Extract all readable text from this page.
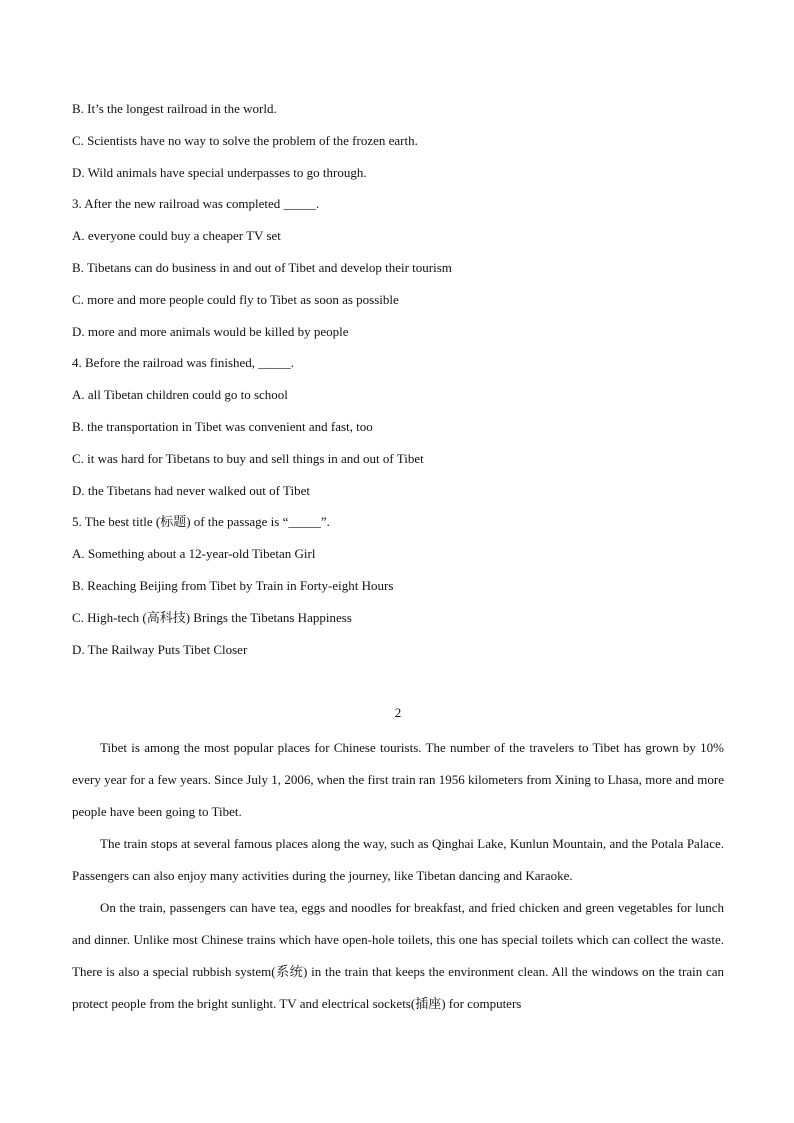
B. It’s the longest railroad in the world.
C. Scientists have no way to solve the problem of the frozen earth.
D. Wild animals have special underpasses to go through.
3. After the new railroad was completed _____.
A. everyone could buy a cheaper TV set
B. Tibetans can do business in and out of Tibet and develop their tourism
C. more and more people could fly to Tibet as soon as possible
D. more and more animals would be killed by people
4. Before the railroad was finished, _____.
A. all Tibetan children could go to school
B. the transportation in Tibet was convenient and fast, too
C. it was hard for Tibetans to buy and sell things in and out of Tibet
D. the Tibetans had never walked out of Tibet
5. The best title (标题) of the passage is “_____”.
A. Something about a 12-year-old Tibetan Girl
B. Reaching Beijing from Tibet by Train in Forty-eight Hours
C. High-tech (高科技) Brings the Tibetans Happiness
D. The Railway Puts Tibet Closer
2

Tibet is among the most popular places for Chinese tourists. The number of the travelers to Tibet has grown by 10% every year for a few years. Since July 1, 2006, when the first train ran 1956 kilometers from Xining to Lhasa, more and more people have been going to Tibet.

The train stops at several famous places along the way, such as Qinghai Lake, Kunlun Mountain, and the Potala Palace. Passengers can also enjoy many activities during the journey, like Tibetan dancing and Karaoke.

On the train, passengers can have tea, eggs and noodles for breakfast, and fried chicken and green vegetables for lunch and dinner. Unlike most Chinese trains which have open-hole toilets, this one has special toilets which can collect the waste. There is also a special rubbish system(系统) in the train that keeps the environment clean. All the windows on the train can protect people from the bright sunlight. TV and electrical sockets(插座) for computers
